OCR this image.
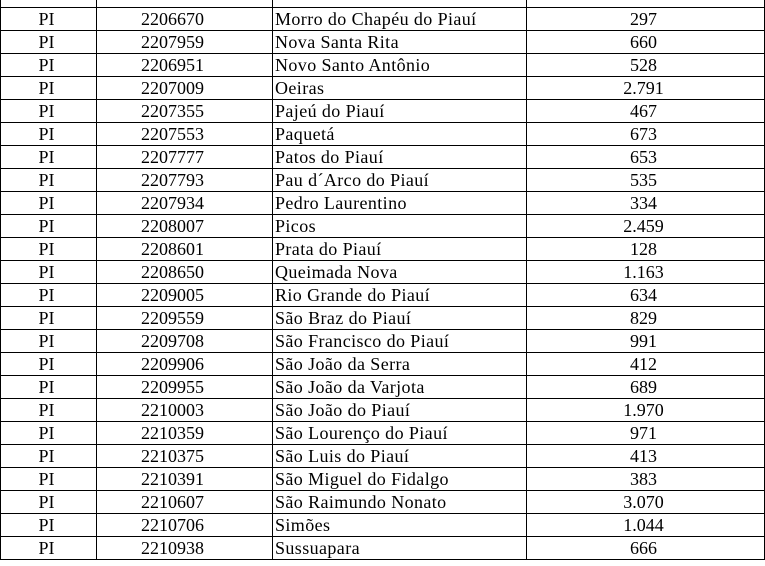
PI	2206670	Morro do Chapéu do Piauí	297
PI	2207959	Nova Santa Rita	660
PI	2206951	Novo Santo Antônio	528
PI	2207009	Oeiras	2.791
PI	2207355	Pajeú do Piauí	467
PI	2207553	Paquetá	673
PI	2207777	Patos do Piauí	653
PI	2207793	Pau d´Arco do Piauí	535
PI	2207934	Pedro Laurentino	334
PI	2208007	Picos	2.459
PI	2208601	Prata do Piauí	128
PI	2208650	Queimada Nova	1.163
PI	2209005	Rio Grande do Piauí	634
PI	2209559	São Braz do Piauí	829
PI	2209708	São Francisco do Piauí	991
PI	2209906	São João da Serra	412
PI	2209955	São João da Varjota	689
PI	2210003	São João do Piauí	1.970
PI	2210359	São Lourenço do Piauí	971
PI	2210375	São Luis do Piauí	413
PI	2210391	São Miguel do Fidalgo	383
PI	2210607	São Raimundo Nonato	3.070
PI	2210706	Simões	1.044
PI	2210938	Sussuapara	666
